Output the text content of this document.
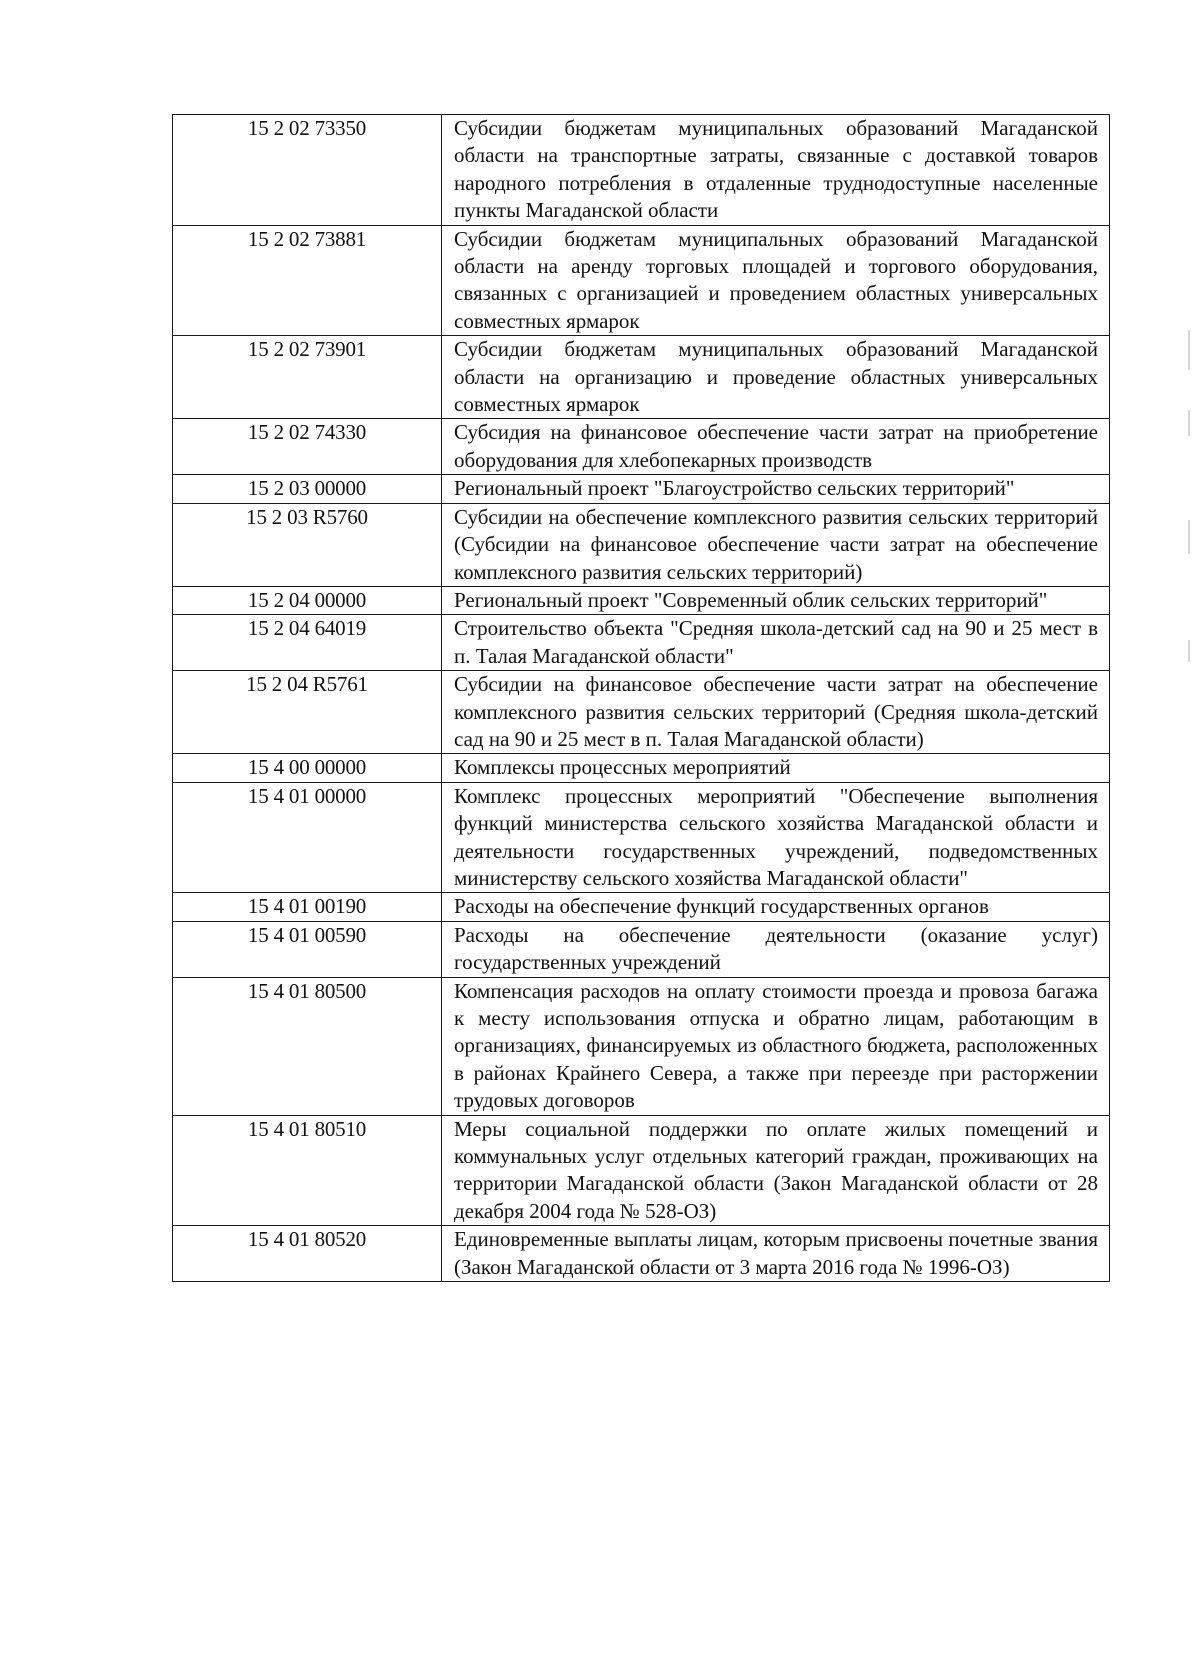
15 2 02 73350	Субсидии бюджетам муниципальных образований Магаданской области на транспортные затраты, связанные с доставкой товаров народного потребления в отдаленные труднодоступные населенные пункты Магаданской области
15 2 02 73881	Субсидии бюджетам муниципальных образований Магаданской области на аренду торговых площадей и торгового оборудования, связанных с организацией и проведением областных универсальных совместных ярмарок
15 2 02 73901	Субсидии бюджетам муниципальных образований Магаданской области на организацию и проведение областных универсальных совместных ярмарок
15 2 02 74330	Субсидия на финансовое обеспечение части затрат на приобретение оборудования для хлебопекарных производств
15 2 03 00000	Региональный проект "Благоустройство сельских территорий"
15 2 03 R5760	Субсидии на обеспечение комплексного развития сельских территорий (Субсидии на финансовое обеспечение части затрат на обеспечение комплексного развития сельских территорий)
15 2 04 00000	Региональный проект "Современный облик сельских территорий"
15 2 04 64019	Строительство объекта "Средняя школа-детский сад на 90 и 25 мест в п. Талая Магаданской области"
15 2 04 R5761	Субсидии на финансовое обеспечение части затрат на обеспечение комплексного развития сельских территорий (Средняя школа-детский сад на 90 и 25 мест в п. Талая Магаданской области)
15 4 00 00000	Комплексы процессных мероприятий
15 4 01 00000	Комплекс процессных мероприятий "Обеспечение выполнения функций министерства сельского хозяйства Магаданской области и деятельности государственных учреждений, подведомственных министерству сельского хозяйства Магаданской области"
15 4 01 00190	Расходы на обеспечение функций государственных органов
15 4 01 00590	Расходы на обеспечение деятельности (оказание услуг) государственных учреждений
15 4 01 80500	Компенсация расходов на оплату стоимости проезда и провоза багажа к месту использования отпуска и обратно лицам, работающим в организациях, финансируемых из областного бюджета, расположенных в районах Крайнего Севера, а также при переезде при расторжении трудовых договоров
15 4 01 80510	Меры социальной поддержки по оплате жилых помещений и коммунальных услуг отдельных категорий граждан, проживающих на территории Магаданской области (Закон Магаданской области от 28 декабря 2004 года № 528-ОЗ)
15 4 01 80520	Единовременные выплаты лицам, которым присвоены почетные звания (Закон Магаданской области от 3 марта 2016 года № 1996-ОЗ)
